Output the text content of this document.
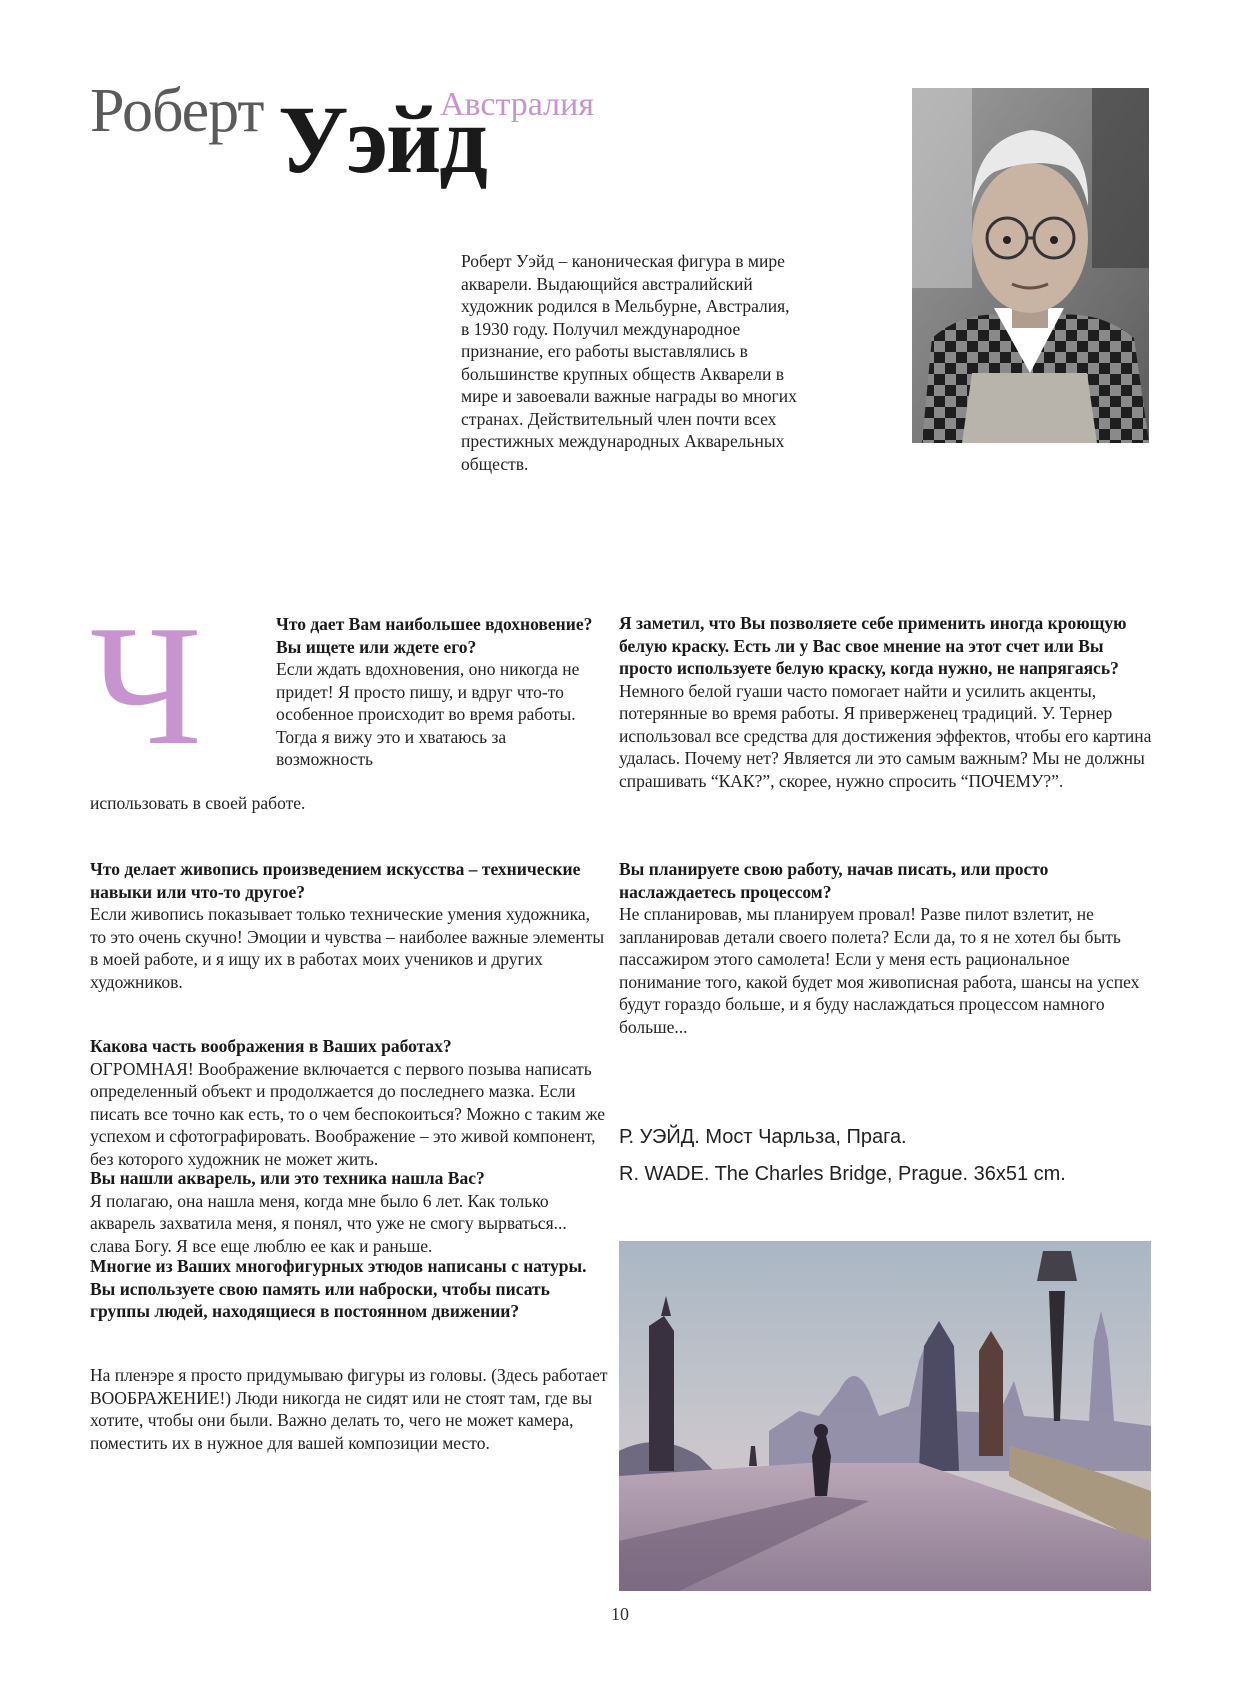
Роберт Уэйд
Австралия
Роберт Уэйд – каноническая фигура в мире акварели. Выдающийся австралийский художник родился в Мельбурне, Австралия, в 1930 году. Получил международное признание, его работы выставлялись в большинстве крупных обществ Акварели в мире и завоевали важные награды во многих странах. Действительный член почти всех престижных международных Акварельных обществ.
Ч	Что дает Вам наибольшее вдохновение? Вы ищете или ждете его?
Если ждать вдохновения, оно никогда не придет! Я просто пишу, и вдруг что-то особенное происходит во время работы. Тогда я вижу это и хватаюсь за возможность
использовать в своей работе.
Что делает живопись произведением искусства – технические навыки или что-то другое?
Если живопись показывает только технические умения художника, то это очень скучно! Эмоции и чувства – наиболее важные элементы в моей работе, и я ищу их в работах моих учеников и других художников.
Какова часть воображения в Ваших работах?
ОГРОМНАЯ! Воображение включается с первого позыва написать определенный объект и продолжается до последнего мазка. Если писать все точно как есть, то о чем беспокоиться? Можно с таким же успехом и сфотографировать. Воображение – это живой компонент, без которого художник не может жить.
Вы нашли акварель, или это техника нашла Вас?
Я полагаю, она нашла меня, когда мне было 6 лет. Как только акварель захватила меня, я понял, что уже не смогу вырваться... слава Богу. Я все еще люблю ее как и раньше.
Многие из Ваших многофигурных этюдов написаны с натуры. Вы используете свою память или наброски, чтобы писать группы людей, находящиеся в постоянном движении?
На пленэре я просто придумываю фигуры из головы. (Здесь работает ВООБРАЖЕНИЕ!) Люди никогда не сидят или не стоят там, где вы хотите, чтобы они были. Важно делать то, чего не может камера, поместить их в нужное для вашей композиции место.
Я заметил, что Вы позволяете себе применить иногда кроющую белую краску. Есть ли у Вас свое мнение на этот счет или Вы просто используете белую краску, когда нужно, не напрягаясь?
Немного белой гуаши часто помогает найти и усилить акценты, потерянные во время работы. Я приверженец традиций. У. Тернер использовал все средства для достижения эффектов, чтобы его картина удалась. Почему нет? Является ли это самым важным? Мы не должны спрашивать “КАК?”, скорее, нужно спросить “ПОЧЕМУ?”.
Вы планируете свою работу, начав писать, или просто наслаждаетесь процессом?
Не спланировав, мы планируем провал! Разве пилот взлетит, не запланировав детали своего полета? Если да, то я не хотел бы быть пассажиром этого самолета! Если у меня есть рациональное понимание того, какой будет моя живописная работа, шансы на успех будут гораздо больше, и я буду наслаждаться процессом намного больше...
Р. УЭЙД. Мост Чарльза, Прага.
R. WADE. The Charles Bridge, Prague. 36x51 cm.
10
